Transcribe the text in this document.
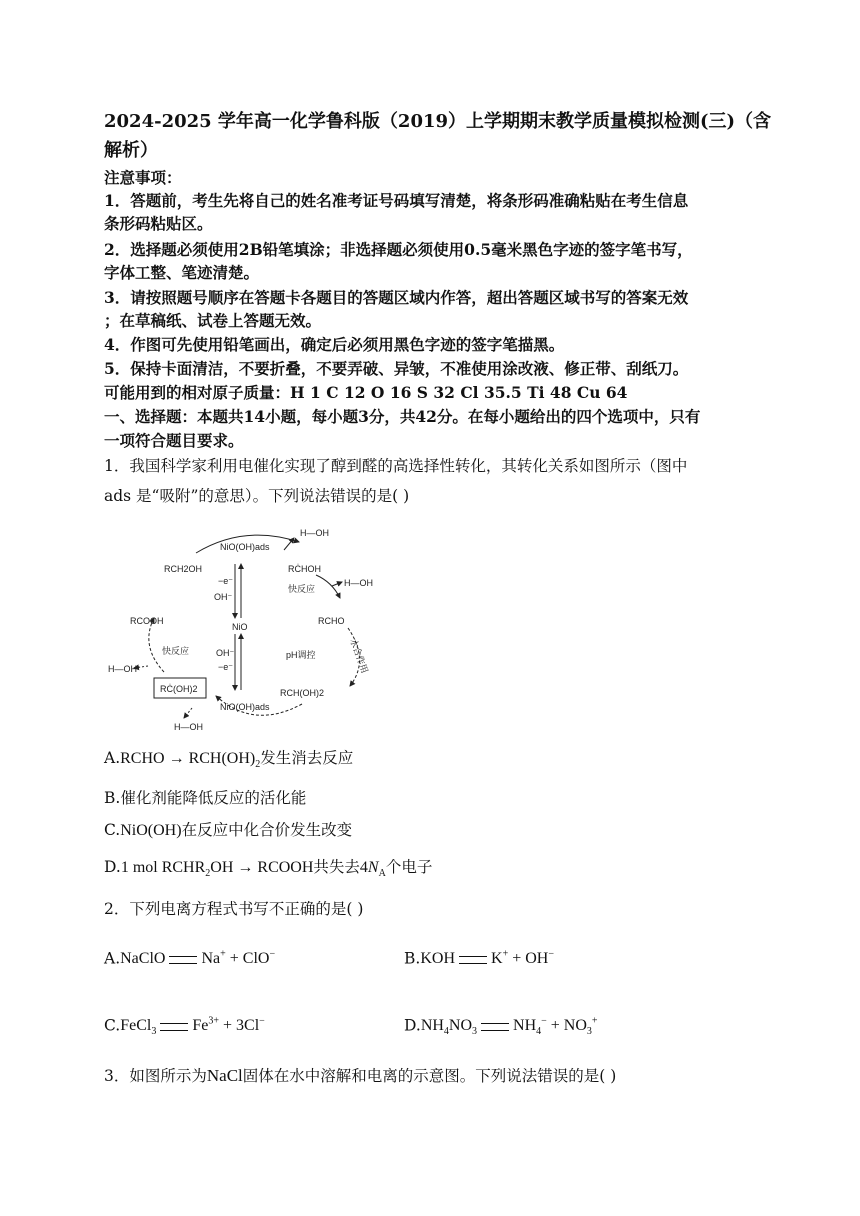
2024-2025 学年高一化学鲁科版（2019）上学期期末教学质量模拟检测(三)（含解析）
注意事项：
1．答题前，考生先将自己的姓名准考证号码填写清楚，将条形码准确粘贴在考生信息
条形码粘贴区。
2．选择题必须使用2B铅笔填涂；非选择题必须使用0.5毫米黑色字迹的签字笔书写，
字体工整、笔迹清楚。
3．请按照题号顺序在答题卡各题目的答题区域内作答，超出答题区域书写的答案无效
；在草稿纸、试卷上答题无效。
4．作图可先使用铅笔画出，确定后必须用黑色字迹的签字笔描黑。
5．保持卡面清洁，不要折叠，不要弄破、异皱，不准使用涂改液、修正带、刮纸刀。
可能用到的相对原子质量：H 1 C 12 O 16 S 32 Cl 35.5 Ti 48 Cu 64
一、选择题：本题共14小题，每小题3分，共42分。在每小题给出的四个选项中，只有
一项符合题目要求。
1．我国科学家利用电催化实现了醇到醛的高选择性转化，其转化关系如图所示（图中
ads 是“吸附”的意思）。下列说法错误的是( )
NiO(OH)ads
RCH2OH
H—OH
RĊHOH
H—OH
快反应
RCHO
−e⁻
OH⁻
NiO
OH⁻
−e⁻
RCOOH
快反应
H—OH
RĊ(OH)2
pH调控	水合作用
RCH(OH)2
NiO(OH)ads
H—OH
A.RCHO → $RCH(OH)_2$发生消去反应
B.催化剂能降低反应的活化能
C.NiO(OH)在反应中化合价发生改变
D.1 mol $RCHR_2OH$ → RCOOH共失去$4N_A$个电子
2．下列电离方程式书写不正确的是( )
A.NaClO Na+ + ClO−	B.KOH K+ + OH−
C.FeCl$_3$ $Fe^{3+} + 3Cl^-$	$D.NH_4NO_3$ $NH_4^- + NO_3^+$
3．如图所示为NaCl固体在水中溶解和电离的示意图。下列说法错误的是( )
